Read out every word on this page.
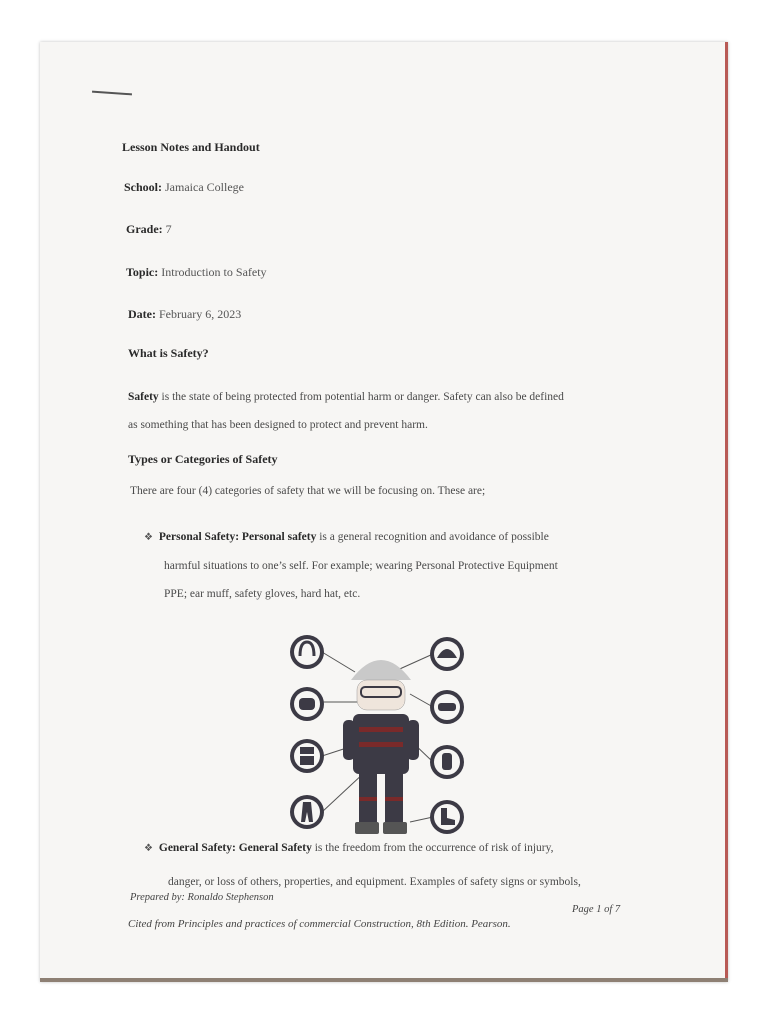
Lesson Notes and Handout
School: Jamaica College
Grade: 7
Topic: Introduction to Safety
Date: February 6, 2023
What is Safety?
Safety is the state of being protected from potential harm or danger. Safety can also be defined
as something that has been designed to protect and prevent harm.
Types or Categories of Safety
There are four (4) categories of safety that we will be focusing on. These are;
❖ Personal Safety: Personal safety is a general recognition and avoidance of possible
harmful situations to one’s self. For example; wearing Personal Protective Equipment
PPE; ear muff, safety gloves, hard hat, etc.
❖ General Safety: General Safety is the freedom from the occurrence of risk of injury,
danger, or loss of others, properties, and equipment. Examples of safety signs or symbols,
Prepared by: Ronaldo Stephenson
Page 1 of 7
Cited from Principles and practices of commercial Construction, 8th Edition. Pearson.
